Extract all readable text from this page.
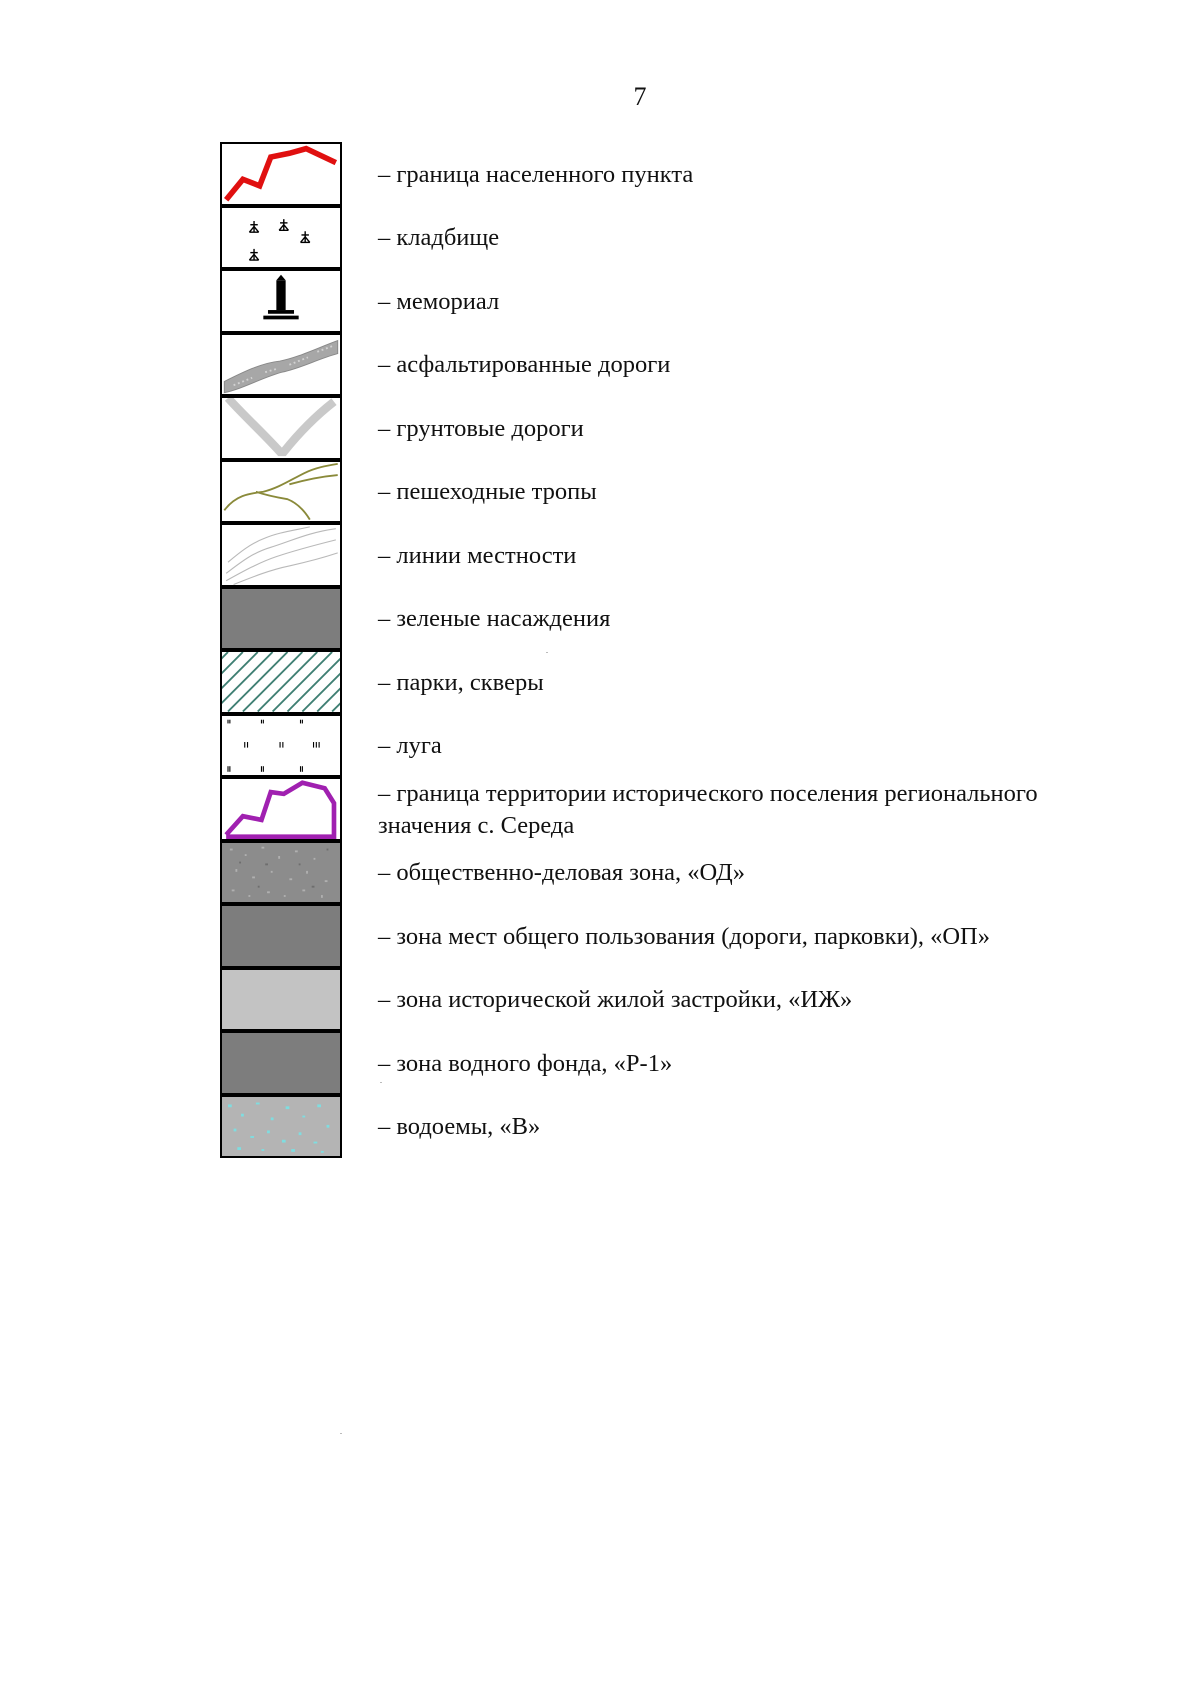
7
– граница населенного пункта
– кладбище
– мемориал
– асфальтированные дороги
– грунтовые дороги
– пешеходные тропы
– линии местности
– зеленые насаждения
– парки, скверы
– луга
– граница территории исторического поселения регионального значения с. Середа
– общественно-деловая зона, «ОД»
– зона мест общего пользования (дороги, парковки), «ОП»
– зона исторической жилой застройки, «ИЖ»
– зона водного фонда, «Р-1»
– водоемы, «В»
